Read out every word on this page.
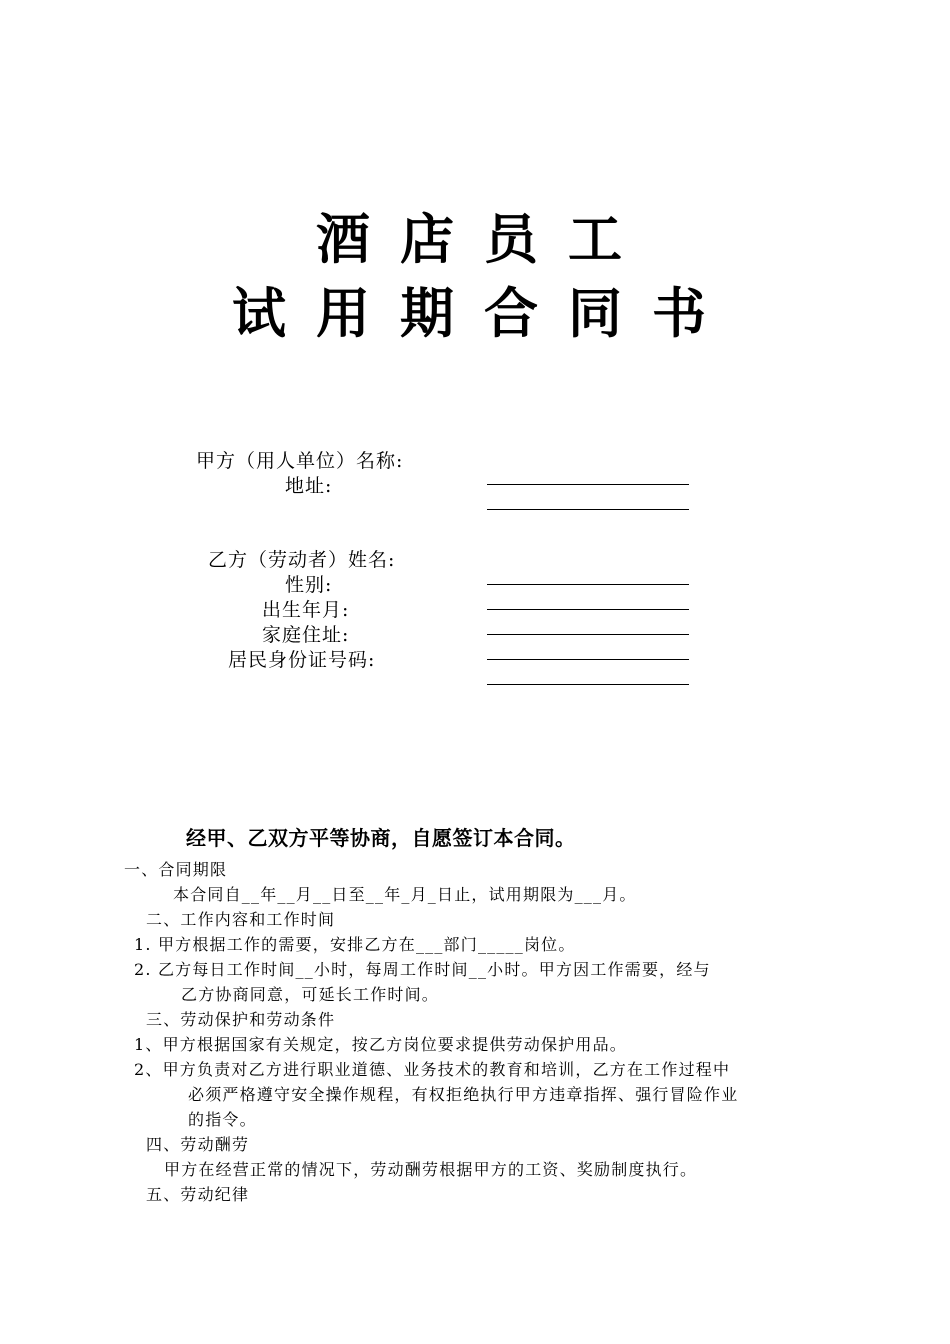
酒 店 员 工
试 用 期 合 同 书
甲方（用人单位）名称:
地址:
乙方（劳动者）姓名:
性别:
出生年月:
家庭住址:
居民身份证号码:
经甲、乙双方平等协商，自愿签订本合同。
一、合同期限
本合同自__年__月__日至__年_月_日止，试用期限为___月。
二、工作内容和工作时间
1. 甲方根据工作的需要，安排乙方在___部门_____岗位。
2. 乙方每日工作时间__小时，每周工作时间__小时。甲方因工作需要，经与
乙方协商同意，可延长工作时间。
三、劳动保护和劳动条件
1、甲方根据国家有关规定，按乙方岗位要求提供劳动保护用品。
2、甲方负责对乙方进行职业道德、业务技术的教育和培训，乙方在工作过程中
必须严格遵守安全操作规程，有权拒绝执行甲方违章指挥、强行冒险作业
的指令。
四、劳动酬劳
甲方在经营正常的情况下，劳动酬劳根据甲方的工资、奖励制度执行。
五、劳动纪律
